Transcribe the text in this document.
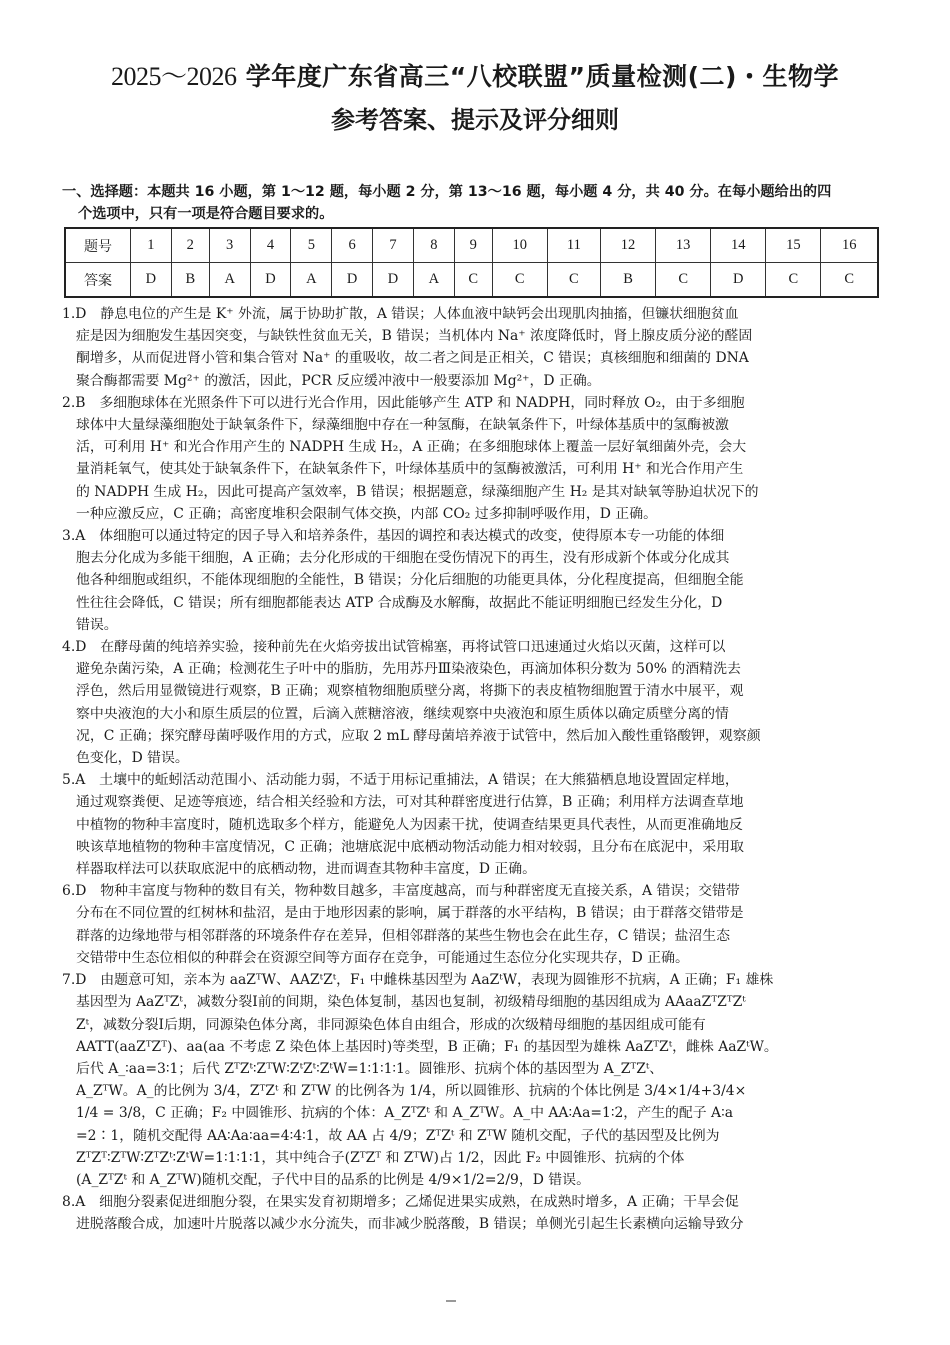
2025～2026 学年度广东省高三“八校联盟”质量检测(二)・生物学
参考答案、提示及评分细则
一、选择题：本题共 16 小题，第 1～12 题，每小题 2 分，第 13～16 题，每小题 4 分，共 40 分。在每小题给出的四
个选项中，只有一项是符合题目要求的。
题号	1	2	3	4	5	6	7	8	9	10	11	12	13	14	15	16
答案	D	B	A	D	A	D	D	A	C	C	C	B	C	D	C	C
1.D　静息电位的产生是 K⁺ 外流，属于协助扩散，A 错误；人体血液中缺钙会出现肌肉抽搐，但镰状细胞贫血
症是因为细胞发生基因突变，与缺铁性贫血无关，B 错误；当机体内 Na⁺ 浓度降低时，肾上腺皮质分泌的醛固
酮增多，从而促进肾小管和集合管对 Na⁺ 的重吸收，故二者之间是正相关，C 错误；真核细胞和细菌的 DNA
聚合酶都需要 Mg²⁺ 的激活，因此，PCR 反应缓冲液中一般要添加 Mg²⁺，D 正确。
2.B　多细胞球体在光照条件下可以进行光合作用，因此能够产生 ATP 和 NADPH，同时释放 O₂，由于多细胞
球体中大量绿藻细胞处于缺氧条件下，绿藻细胞中存在一种氢酶，在缺氧条件下，叶绿体基质中的氢酶被激
活，可利用 H⁺ 和光合作用产生的 NADPH 生成 H₂，A 正确；在多细胞球体上覆盖一层好氧细菌外壳，会大
量消耗氧气，使其处于缺氧条件下，在缺氧条件下，叶绿体基质中的氢酶被激活，可利用 H⁺ 和光合作用产生
的 NADPH 生成 H₂，因此可提高产氢效率，B 错误；根据题意，绿藻细胞产生 H₂ 是其对缺氧等胁迫状况下的
一种应激反应，C 正确；高密度堆积会限制气体交换，内部 CO₂ 过多抑制呼吸作用，D 正确。
3.A　体细胞可以通过特定的因子导入和培养条件，基因的调控和表达模式的改变，使得原本专一功能的体细
胞去分化成为多能干细胞，A 正确；去分化形成的干细胞在受伤情况下的再生，没有形成新个体或分化成其
他各种细胞或组织，不能体现细胞的全能性，B 错误；分化后细胞的功能更具体，分化程度提高，但细胞全能
性往往会降低，C 错误；所有细胞都能表达 ATP 合成酶及水解酶，故据此不能证明细胞已经发生分化，D
错误。
4.D　在酵母菌的纯培养实验，接种前先在火焰旁拔出试管棉塞，再将试管口迅速通过火焰以灭菌，这样可以
避免杂菌污染，A 正确；检测花生子叶中的脂肪，先用苏丹Ⅲ染液染色，再滴加体积分数为 50% 的酒精洗去
浮色，然后用显微镜进行观察，B 正确；观察植物细胞质壁分离，将撕下的表皮植物细胞置于清水中展平，观
察中央液泡的大小和原生质层的位置，后滴入蔗糖溶液，继续观察中央液泡和原生质体以确定质壁分离的情
况，C 正确；探究酵母菌呼吸作用的方式，应取 2 mL 酵母菌培养液于试管中，然后加入酸性重铬酸钾，观察颜
色变化，D 错误。
5.A　土壤中的蚯蚓活动范围小、活动能力弱，不适于用标记重捕法，A 错误；在大熊猫栖息地设置固定样地，
通过观察粪便、足迹等痕迹，结合相关经验和方法，可对其种群密度进行估算，B 正确；利用样方法调查草地
中植物的物种丰富度时，随机选取多个样方，能避免人为因素干扰，使调查结果更具代表性，从而更准确地反
映该草地植物的物种丰富度情况，C 正确；池塘底泥中底栖动物活动能力相对较弱，且分布在底泥中，采用取
样器取样法可以获取底泥中的底栖动物，进而调查其物种丰富度，D 正确。
6.D　物种丰富度与物种的数目有关，物种数目越多，丰富度越高，而与种群密度无直接关系，A 错误；交错带
分布在不同位置的红树林和盐沼，是由于地形因素的影响，属于群落的水平结构，B 错误；由于群落交错带是
群落的边缘地带与相邻群落的环境条件存在差异，但相邻群落的某些生物也会在此生存，C 错误；盐沼生态
交错带中生态位相似的种群会在资源空间等方面存在竞争，可能通过生态位分化实现共存，D 正确。
7.D　由题意可知，亲本为 aaZᵀW、AAZᵗZᵗ，F₁ 中雌株基因型为 AaZᵗW，表现为圆锥形不抗病，A 正确；F₁ 雄株
基因型为 AaZᵀZᵗ，减数分裂Ⅰ前的间期，染色体复制，基因也复制，初级精母细胞的基因组成为 AAaaZᵀZᵀZᵗ
Zᵗ，减数分裂Ⅰ后期，同源染色体分离，非同源染色体自由组合，形成的次级精母细胞的基因组成可能有
AATT(aaZᵀZᵀ)、aa(aa 不考虑 Z 染色体上基因时)等类型，B 正确；F₁ 的基因型为雄株 AaZᵀZᵗ，雌株 AaZᵗW。
后代 A_∶aa=3∶1；后代 ZᵀZᵗ∶ZᵀW∶ZᵗZᵗ∶ZᵗW=1∶1∶1∶1。圆锥形、抗病个体的基因型为 A_ZᵀZᵗ、
A_ZᵀW。A_的比例为 3/4，ZᵀZᵗ 和 ZᵀW 的比例各为 1/4，所以圆锥形、抗病的个体比例是 3/4×1/4+3/4×
1/4 = 3/8，C 正确；F₂ 中圆锥形、抗病的个体：A_ZᵀZᵗ 和 A_ZᵀW。A_中 AA∶Aa=1∶2，产生的配子 A∶a
=2∶1，随机交配得 AA∶Aa∶aa=4∶4∶1，故 AA 占 4/9；ZᵀZᵗ 和 ZᵀW 随机交配，子代的基因型及比例为
ZᵀZᵀ∶ZᵀW∶ZᵀZᵗ∶ZᵗW=1∶1∶1∶1，其中纯合子(ZᵀZᵀ 和 ZᵀW)占 1/2，因此 F₂ 中圆锥形、抗病的个体
(A_ZᵀZᵗ 和 A_ZᵀW)随机交配，子代中目的品系的比例是 4/9×1/2=2/9，D 错误。
8.A　细胞分裂素促进细胞分裂，在果实发育初期增多；乙烯促进果实成熟，在成熟时增多，A 正确；干旱会促
进脱落酸合成，加速叶片脱落以减少水分流失，而非减少脱落酸，B 错误；单侧光引起生长素横向运输导致分
